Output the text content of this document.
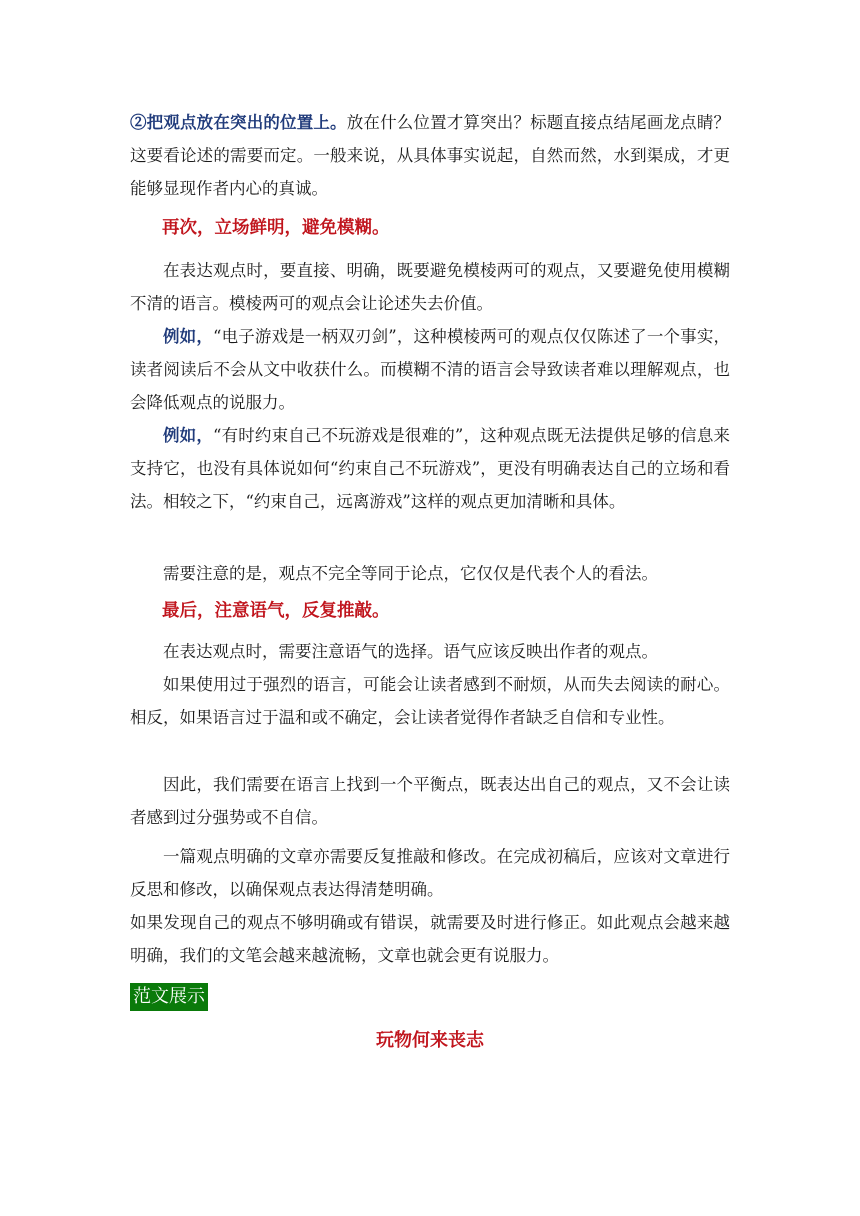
②把观点放在突出的位置上。放在什么位置才算突出？标题直接点结尾画龙点睛？这要看论述的需要而定。一般来说，从具体事实说起，自然而然，水到渠成，才更能够显现作者内心的真诚。

再次，立场鲜明，避免模糊。

在表达观点时，要直接、明确，既要避免模棱两可的观点，又要避免使用模糊不清的语言。模棱两可的观点会让论述失去价值。

例如，“电子游戏是一柄双刃剑”，这种模棱两可的观点仅仅陈述了一个事实，读者阅读后不会从文中收获什么。而模糊不清的语言会导致读者难以理解观点，也会降低观点的说服力。

例如，“有时约束自己不玩游戏是很难的”，这种观点既无法提供足够的信息来支持它，也没有具体说如何“约束自己不玩游戏”，更没有明确表达自己的立场和看法。相较之下，“约束自己，远离游戏”这样的观点更加清晰和具体。

需要注意的是，观点不完全等同于论点，它仅仅是代表个人的看法。

最后，注意语气，反复推敲。

在表达观点时，需要注意语气的选择。语气应该反映出作者的观点。

如果使用过于强烈的语言，可能会让读者感到不耐烦，从而失去阅读的耐心。相反，如果语言过于温和或不确定，会让读者觉得作者缺乏自信和专业性。

因此，我们需要在语言上找到一个平衡点，既表达出自己的观点，又不会让读者感到过分强势或不自信。

一篇观点明确的文章亦需要反复推敲和修改。在完成初稿后，应该对文章进行反思和修改，以确保观点表达得清楚明确。

如果发现自己的观点不够明确或有错误，就需要及时进行修正。如此观点会越来越明确，我们的文笔会越来越流畅，文章也就会更有说服力。

范文展示
玩物何来丧志
